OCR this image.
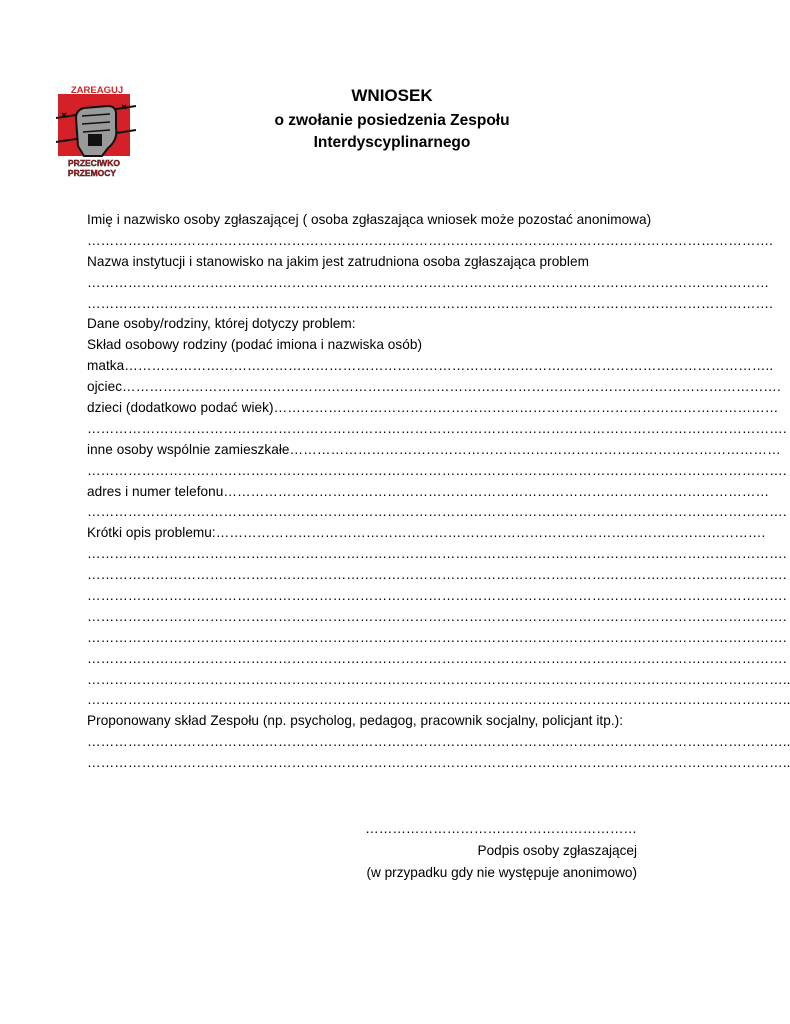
ZAREAGUJ
PRZECIWKO
PRZEMOCY
WNIOSEK
o zwołanie posiedzenia Zespołu Interdyscyplinarnego
Imię i nazwisko osoby zgłaszającej ( osoba zgłaszająca wniosek może pozostać anonimowa)
…………………………………………………………………………………………………………………………………….
Nazwa instytucji i stanowisko na jakim jest zatrudniona osoba zgłaszająca problem
……………………………………………………………………………………………………………………………………
…………………………………………………………………………………………………………………………………….
Dane osoby/rodziny, której dotyczy problem:
Skład osobowy rodziny (podać imiona i nazwiska osób)
matka……………………………………………………………………………………………………………………………..
ojciec……………………………………………………………………………………………………………………………….
dzieci (dodatkowo podać wiek)…………………………………………………………………………………………………
……………………………………………………………………………………………………………………………………….
inne osoby wspólnie zamieszkałe………………………………………………………………………………………………
……………………………………………………………………………………………………………………………………….
adres i numer telefonu…………………………………………………………………………………………………………
……………………………………………………………………………………………………………………………………….
Krótki opis problemu:………………………………………………………………………………………………………….
……………………………………………………………………………………………………………………………………….
……………………………………………………………………………………………………………………………………….
……………………………………………………………………………………………………………………………………….
……………………………………………………………………………………………………………………………………….
……………………………………………………………………………………………………………………………………….
……………………………………………………………………………………………………………………………………….
………………………………………………………………………………………………………………………………………..
………………………………………………………………………………………………………………………………………..
Proponowany skład Zespołu (np. psycholog, pedagog, pracownik socjalny, policjant itp.):
………………………………………………………………………………………………………………………………………..
………………………………………………………………………………………………………………………………………..
……………………………………………………
Podpis osoby zgłaszającej
(w przypadku gdy nie występuje anonimowo)
